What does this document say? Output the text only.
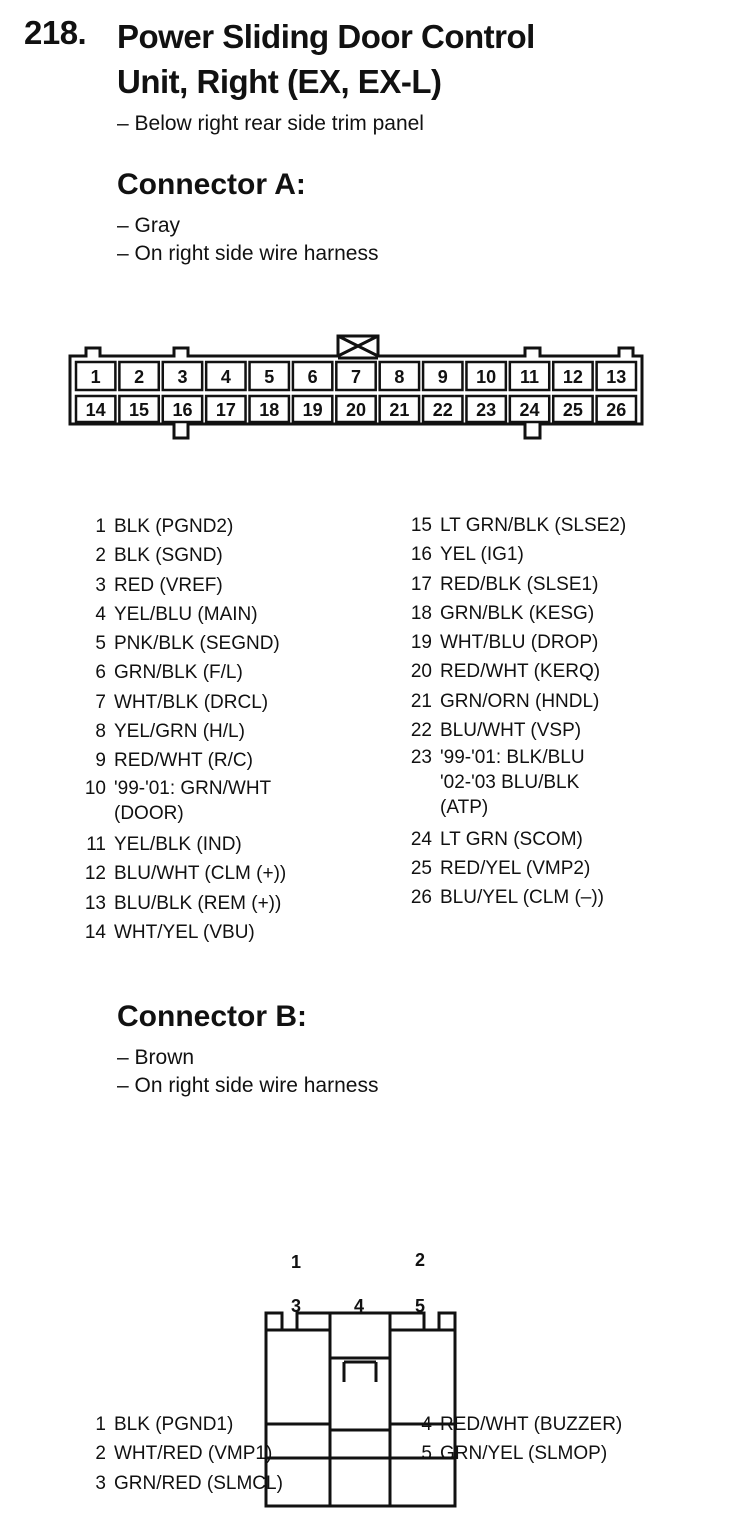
218. Power Sliding Door Control
Unit, Right (EX, EX-L)
– Below right rear side trim panel
Connector A:
– Gray
– On right side wire harness
1 2 3 4 5 6 7 8 9 10 11 12 13
14 15 16 17 18 19 20 21 22 23 24 25 26
1 BLK (PGND2)
2 BLK (SGND)
3 RED (VREF)
4 YEL/BLU (MAIN)
5 PNK/BLK (SEGND)
6 GRN/BLK (F/L)
7 WHT/BLK (DRCL)
8 YEL/GRN (H/L)
9 RED/WHT (R/C)
10 '99-'01: GRN/WHT
(DOOR)
11 YEL/BLK (IND)
12 BLU/WHT (CLM (+))
13 BLU/BLK (REM (+))
14 WHT/YEL (VBU)
15 LT GRN/BLK (SLSE2)
16 YEL (IG1)
17 RED/BLK (SLSE1)
18 GRN/BLK (KESG)
19 WHT/BLU (DROP)
20 RED/WHT (KERQ)
21 GRN/ORN (HNDL)
22 BLU/WHT (VSP)
23 '99-'01: BLK/BLU
'02-'03 BLU/BLK
(ATP)
24 LT GRN (SCOM)
25 RED/YEL (VMP2)
26 BLU/YEL (CLM (–))
Connector B:
– Brown
– On right side wire harness
1	2
3	4	5
1 BLK (PGND1)
2 WHT/RED (VMP1)
3 GRN/RED (SLMCL)
4 RED/WHT (BUZZER)
5 GRN/YEL (SLMOP)
